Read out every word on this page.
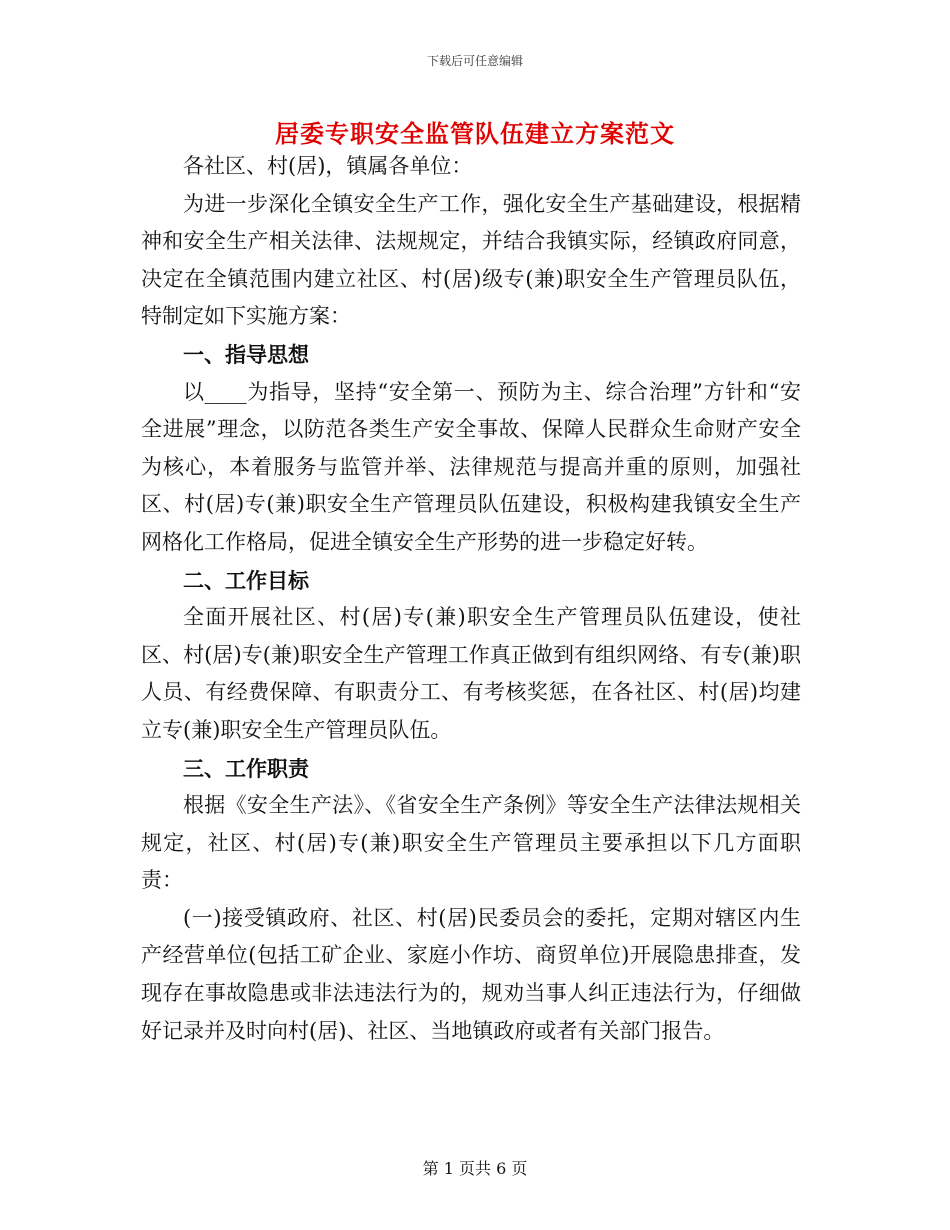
下载后可任意编辑
居委专职安全监管队伍建立方案范文

各社区、村(居)，镇属各单位：

为进一步深化全镇安全生产工作，强化安全生产基础建设，根据精神和安全生产相关法律、法规规定，并结合我镇实际，经镇政府同意，决定在全镇范围内建立社区、村(居)级专(兼)职安全生产管理员队伍，特制定如下实施方案：

一、指导思想

以____为指导，坚持“安全第一、预防为主、综合治理”方针和“安全进展”理念，以防范各类生产安全事故、保障人民群众生命财产安全为核心，本着服务与监管并举、法律规范与提高并重的原则，加强社区、村(居)专(兼)职安全生产管理员队伍建设，积极构建我镇安全生产网格化工作格局，促进全镇安全生产形势的进一步稳定好转。

二、工作目标

全面开展社区、村(居)专(兼)职安全生产管理员队伍建设，使社区、村(居)专(兼)职安全生产管理工作真正做到有组织网络、有专(兼)职人员、有经费保障、有职责分工、有考核奖惩，在各社区、村(居)均建立专(兼)职安全生产管理员队伍。

三、工作职责

根据《安全生产法》、《省安全生产条例》等安全生产法律法规相关规定，社区、村(居)专(兼)职安全生产管理员主要承担以下几方面职责：

(一)接受镇政府、社区、村(居)民委员会的委托，定期对辖区内生产经营单位(包括工矿企业、家庭小作坊、商贸单位)开展隐患排查，发现存在事故隐患或非法违法行为的，规劝当事人纠正违法行为，仔细做好记录并及时向村(居)、社区、当地镇政府或者有关部门报告。

第 1 页共 6 页
